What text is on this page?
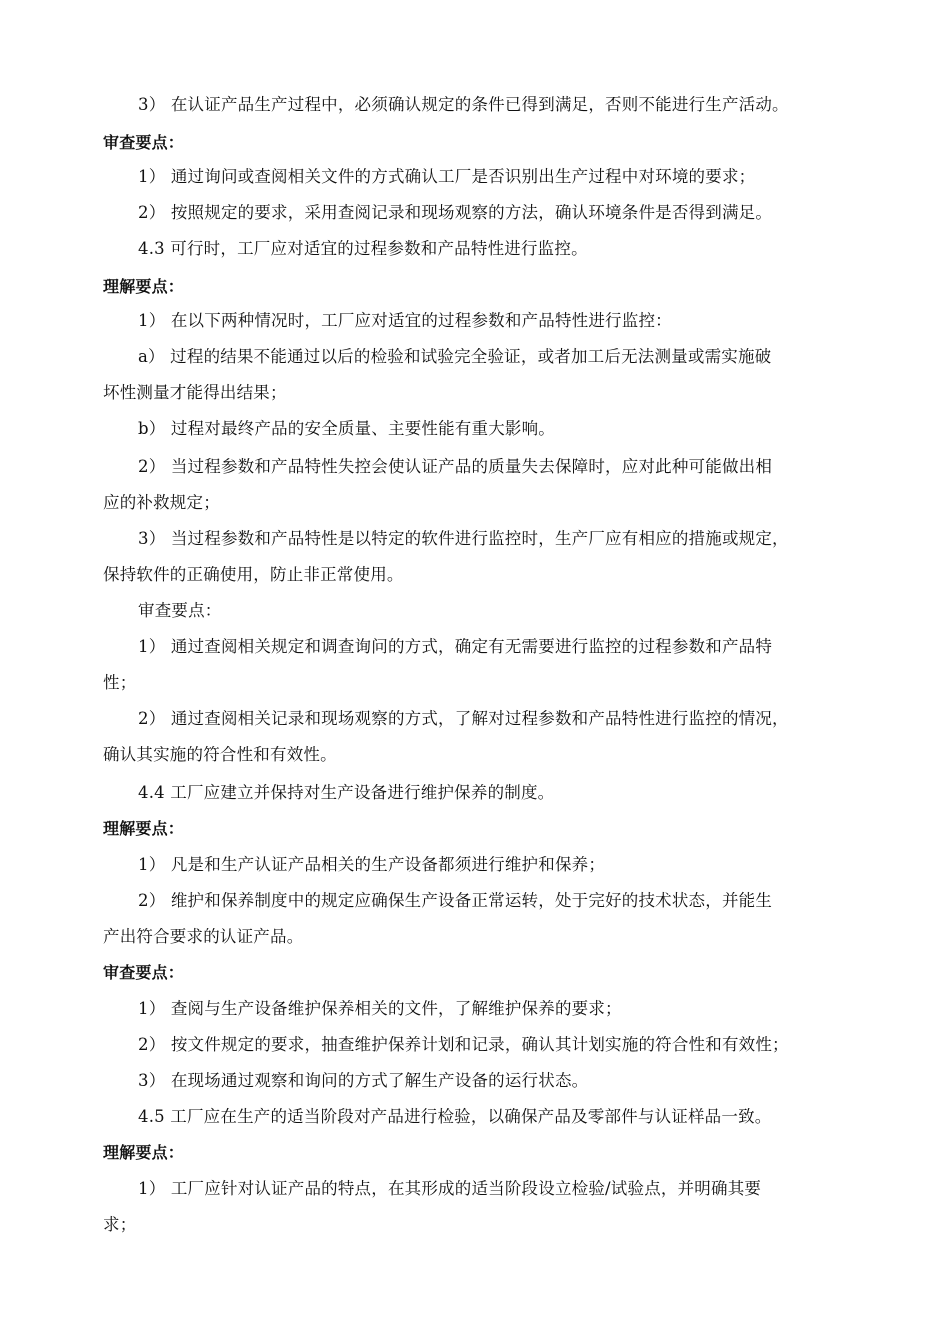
3） 在认证产品生产过程中，必须确认规定的条件已得到满足，否则不能进行生产活动。
审查要点：
1） 通过询问或查阅相关文件的方式确认工厂是否识别出生产过程中对环境的要求；
2） 按照规定的要求，采用查阅记录和现场观察的方法，确认环境条件是否得到满足。
4.3 可行时，工厂应对适宜的过程参数和产品特性进行监控。
理解要点：
1） 在以下两种情况时，工厂应对适宜的过程参数和产品特性进行监控：
a） 过程的结果不能通过以后的检验和试验完全验证，或者加工后无法测量或需实施破
坏性测量才能得出结果；
b） 过程对最终产品的安全质量、主要性能有重大影响。
2） 当过程参数和产品特性失控会使认证产品的质量失去保障时，应对此种可能做出相
应的补救规定；
3） 当过程参数和产品特性是以特定的软件进行监控时，生产厂应有相应的措施或规定，
保持软件的正确使用，防止非正常使用。
审查要点：
1） 通过查阅相关规定和调查询问的方式，确定有无需要进行监控的过程参数和产品特
性；
2） 通过查阅相关记录和现场观察的方式，了解对过程参数和产品特性进行监控的情况，
确认其实施的符合性和有效性。
4.4 工厂应建立并保持对生产设备进行维护保养的制度。
理解要点：
1） 凡是和生产认证产品相关的生产设备都须进行维护和保养；
2） 维护和保养制度中的规定应确保生产设备正常运转，处于完好的技术状态，并能生
产出符合要求的认证产品。
审查要点：
1） 查阅与生产设备维护保养相关的文件，了解维护保养的要求；
2） 按文件规定的要求，抽查维护保养计划和记录，确认其计划实施的符合性和有效性；
3） 在现场通过观察和询问的方式了解生产设备的运行状态。
4.5 工厂应在生产的适当阶段对产品进行检验，以确保产品及零部件与认证样品一致。
理解要点：
1） 工厂应针对认证产品的特点，在其形成的适当阶段设立检验/试验点，并明确其要
求；
